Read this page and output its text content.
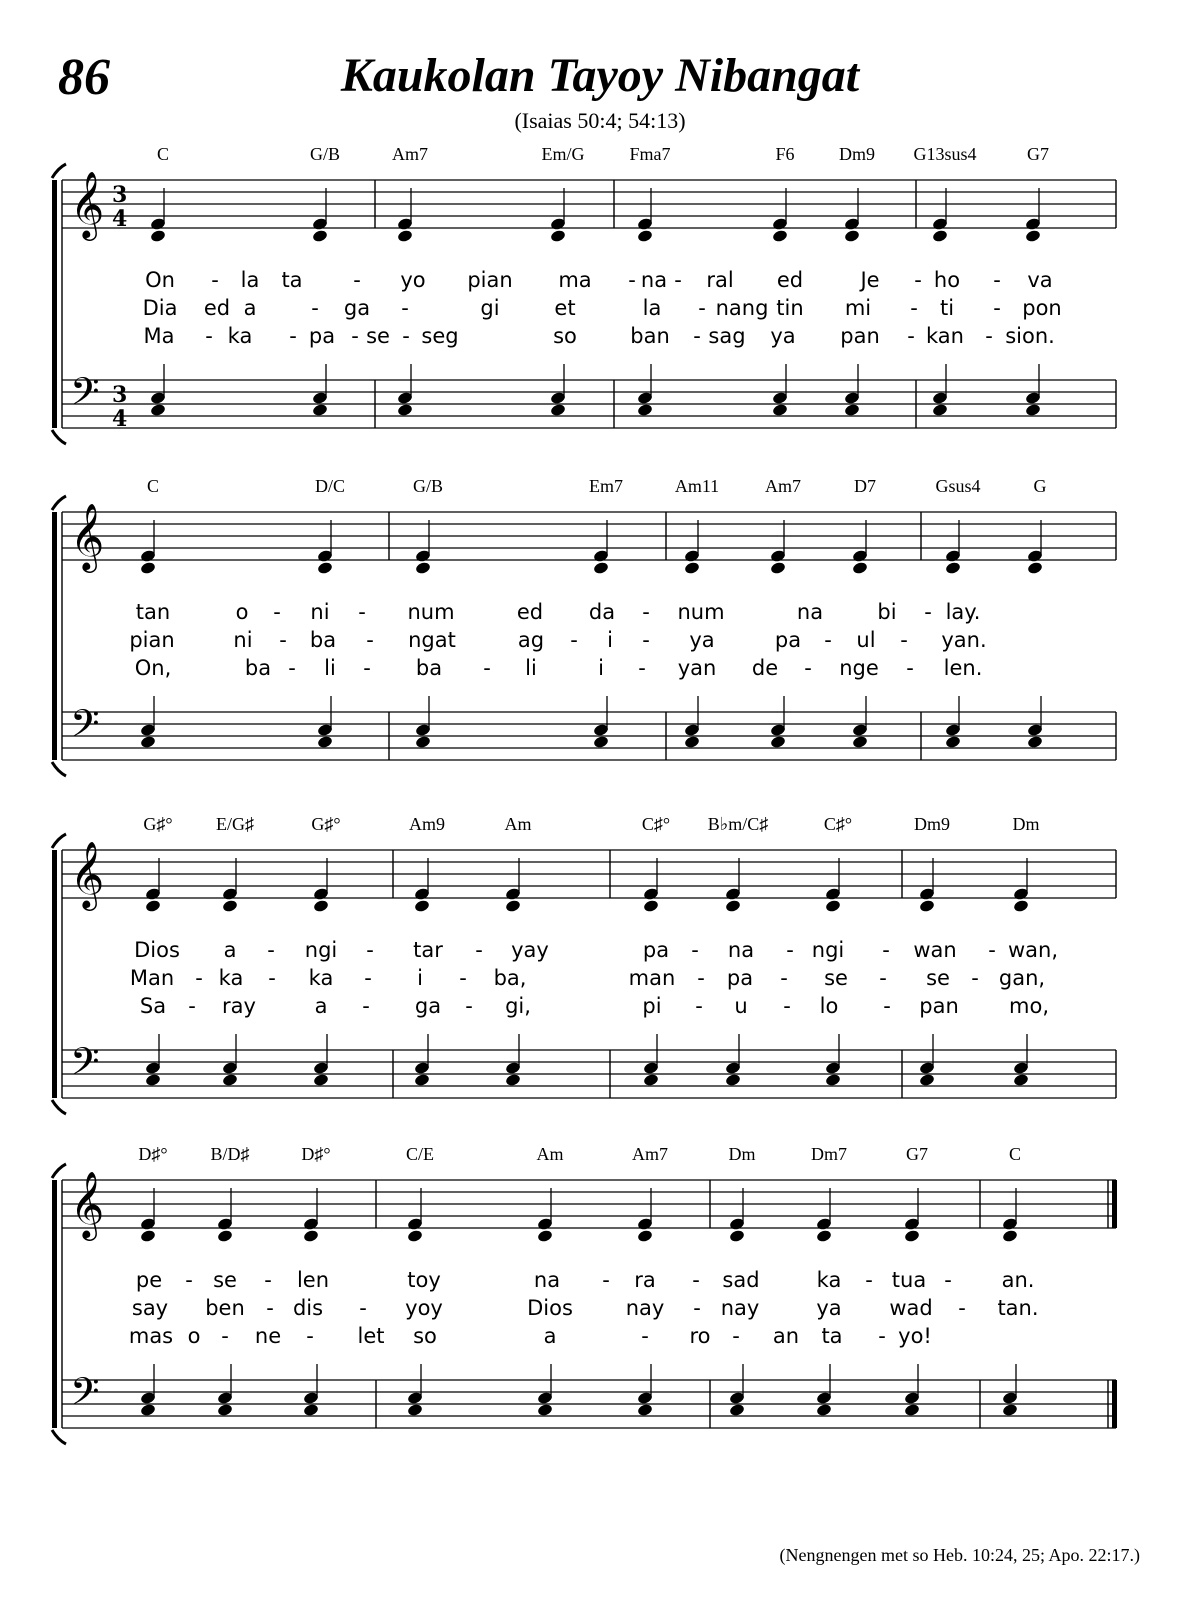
86	Kaukolan Tayoy Nibangat
(Isaias 50:4; 54:13)
C	G/B	Am7	Em/G Fma7	F6 Dm9 G13sus4	G7
𝄞 3
4
𝄢 3
4
On - la ta - yo pian ma - na - ral ed	Je - ho - va
Dia ed a	- ga -	gi	et	la - nang tin mi - ti - pon
Ma - ka - pa - se - seg	so	ban - sag ya pan - kan - sion.
C	D/C	G/B	Em7	Am11	Am7	D7	Gsus4	G
𝄞
𝄢
tan	o - ni - num	ed da - num	na	bi - lay.
pian	ni - ba - ngat	ag - i - ya	pa - ul - yan.
On,	ba - li - ba - li	i - yan de - nge - len.
G♯° E/G♯	G♯°	Am9	Am	C♯° B♭m/C♯	C♯°	Dm9	Dm
𝄞
𝄢
Dios a - ngi - tar - yay	pa - na - ngi - wan - wan,
Man - ka - ka - i - ba,	man - pa - se - se - gan,
Sa - ray	a - ga - gi,	pi - u - lo - pan mo,
D♯° B/D♯	D♯°	C/E	Am	Am7	Dm	Dm7	G7	C
𝄞
𝄢
pe - se - len	toy	na - ra - sad	ka - tua - an.
say ben - dis - yoy	Dios	nay - nay	ya wad - tan.
mas o - ne - let so	a	- ro - an ta - yo!
(Nengnengen met so Heb. 10:24, 25; Apo. 22:17.)
